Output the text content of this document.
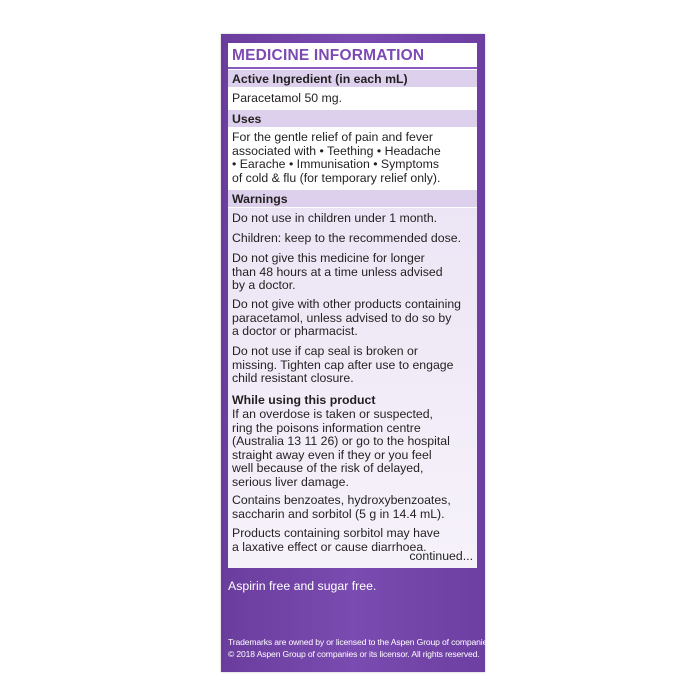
MEDICINE INFORMATION
Active Ingredient (in each mL)
Paracetamol 50 mg.
Uses
For the gentle relief of pain and fever
associated with • Teething • Headache
• Earache • Immunisation • Symptoms
of cold & flu (for temporary relief only).
Warnings
Do not use in children under 1 month.
Children: keep to the recommended dose.
Do not give this medicine for longer
than 48 hours at a time unless advised
by a doctor.
Do not give with other products containing
paracetamol, unless advised to do so by
a doctor or pharmacist.
Do not use if cap seal is broken or
missing. Tighten cap after use to engage
child resistant closure.
While using this product
If an overdose is taken or suspected,
ring the poisons information centre
(Australia 13 11 26) or go to the hospital
straight away even if they or you feel
well because of the risk of delayed,
serious liver damage.
Contains benzoates, hydroxybenzoates,
saccharin and sorbitol (5 g in 14.4 mL).
Products containing sorbitol may have
a laxative effect or cause diarrhoea.
continued...
Aspirin free and sugar free.
Trademarks are owned by or licensed to the Aspen Group of companies.
© 2018 Aspen Group of companies or its licensor. All rights reserved.
